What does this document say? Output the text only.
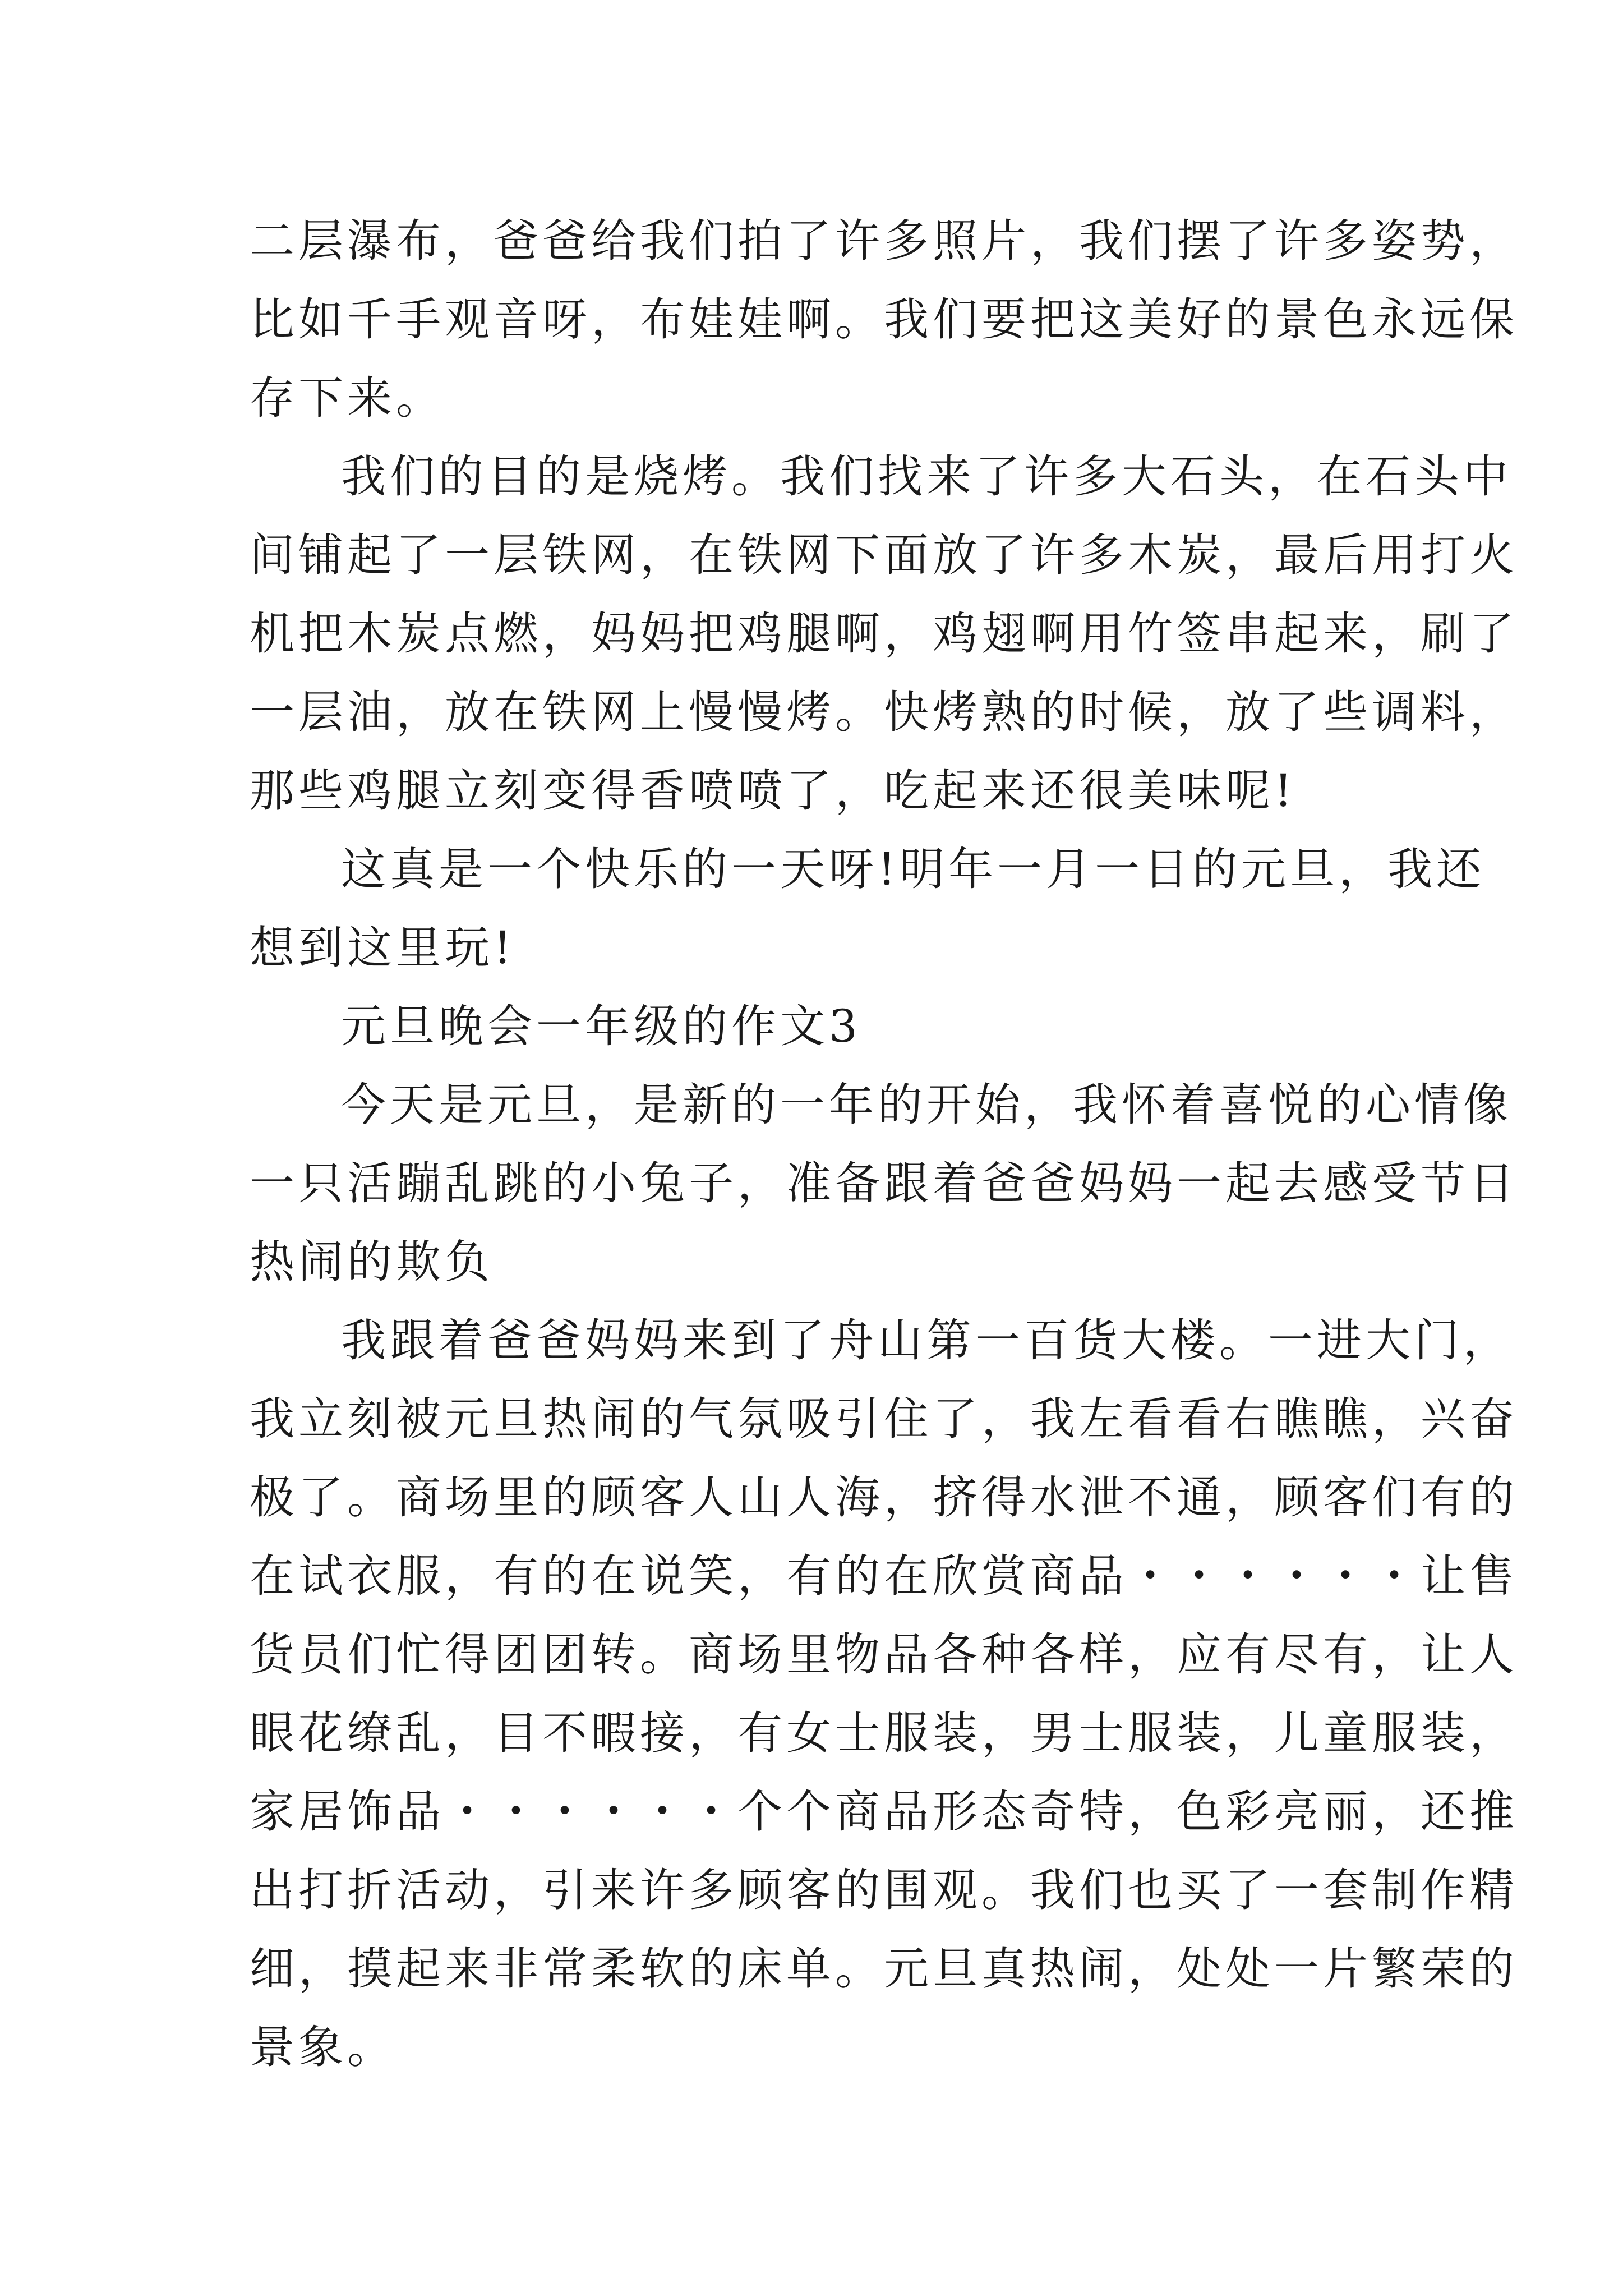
二层瀑布，爸爸给我们拍了许多照片，我们摆了许多姿势，
比如千手观音呀，布娃娃啊。我们要把这美好的景色永远保
存下来。
我们的目的是烧烤。我们找来了许多大石头，在石头中
间铺起了一层铁网，在铁网下面放了许多木炭，最后用打火
机把木炭点燃，妈妈把鸡腿啊，鸡翅啊用竹签串起来，刷了
一层油，放在铁网上慢慢烤。快烤熟的时候，放了些调料，
那些鸡腿立刻变得香喷喷了，吃起来还很美味呢!
这真是一个快乐的一天呀!明年一月一日的元旦，我还
想到这里玩!
元旦晚会一年级的作文3
今天是元旦，是新的一年的开始，我怀着喜悦的心情像
一只活蹦乱跳的小兔子，准备跟着爸爸妈妈一起去感受节日
热闹的欺负
我跟着爸爸妈妈来到了舟山第一百货大楼。一进大门，
我立刻被元旦热闹的气氛吸引住了，我左看看右瞧瞧，兴奋
极了。商场里的顾客人山人海，挤得水泄不通，顾客们有的
在试衣服，有的在说笑，有的在欣赏商品・・・・・・让售
货员们忙得团团转。商场里物品各种各样，应有尽有，让人
眼花缭乱，目不暇接，有女士服装，男士服装，儿童服装，
家居饰品・・・・・・个个商品形态奇特，色彩亮丽，还推
出打折活动，引来许多顾客的围观。我们也买了一套制作精
细，摸起来非常柔软的床单。元旦真热闹，处处一片繁荣的
景象。
